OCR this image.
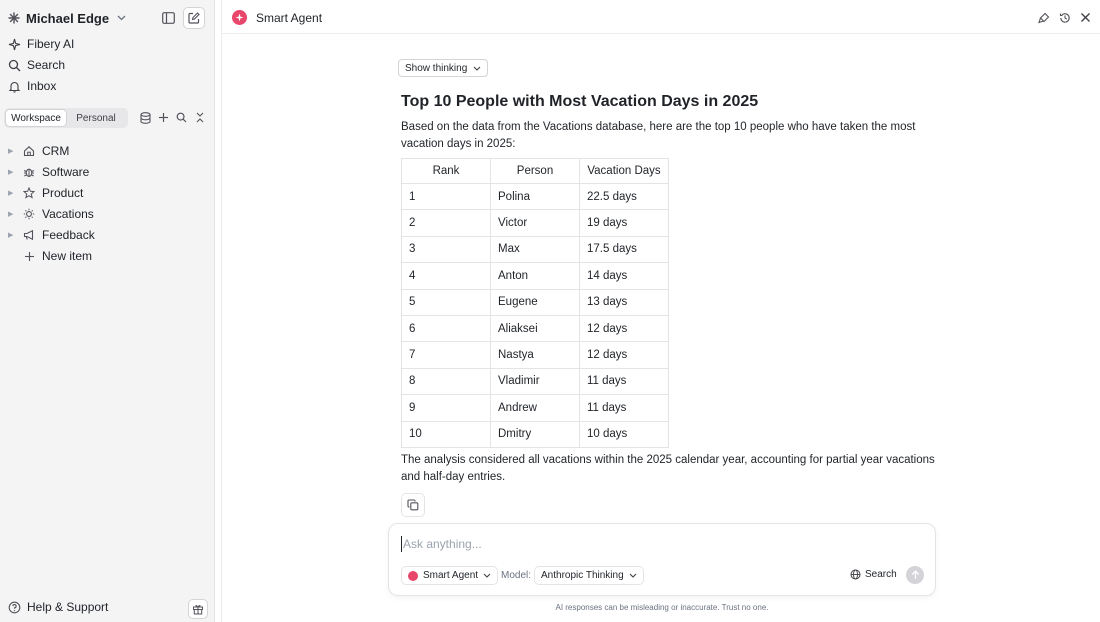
Michael Edge
Fibery AI
Search
Inbox
Workspace	Personal
▶ CRM
▶ Software
▶ Product
▶ Vacations
▶ Feedback
New item
Help & Support
Smart Agent
Show thinking
Top 10 People with Most Vacation Days in 2025

Based on the data from the Vacations database, here are the top 10 people who have taken the most vacation days in 2025:

Rank	Person	Vacation Days
1	Polina	22.5 days
2	Victor	19 days
3	Max	17.5 days
4	Anton	14 days
5	Eugene	13 days
6	Aliaksei	12 days
7	Nastya	12 days
8	Vladimir	11 days
9	Andrew	11 days
10	Dmitry	10 days

The analysis considered all vacations within the 2025 calendar year, accounting for partial year vacations and half-day entries.

Ask anything...
Smart Agent Model: Anthropic Thinking	Search
AI responses can be misleading or inaccurate. Trust no one.
